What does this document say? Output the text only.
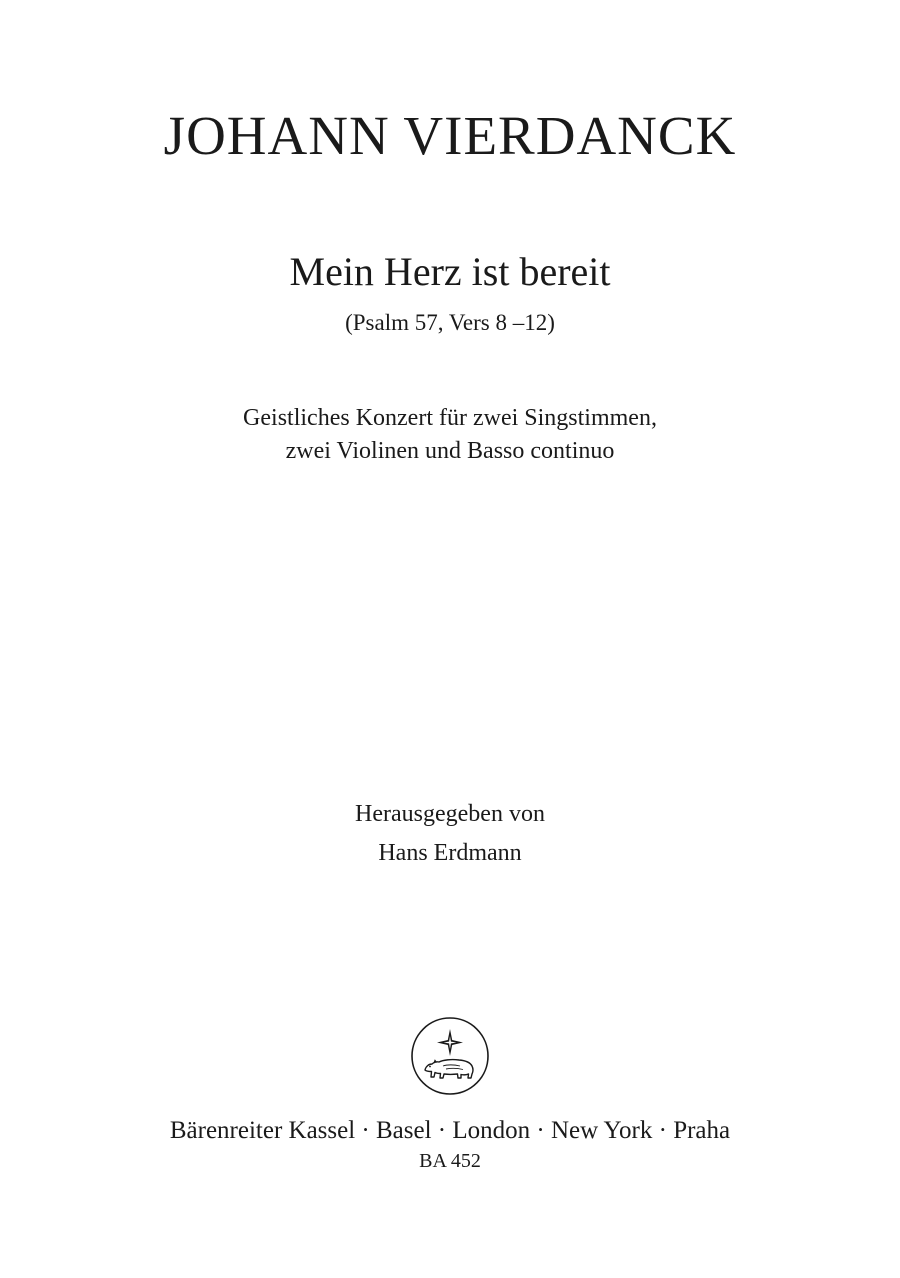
JOHANN VIERDANCK
Mein Herz ist bereit
(Psalm 57, Vers 8 –12)
Geistliches Konzert für zwei Singstimmen,
zwei Violinen und Basso continuo
Herausgegeben von
Hans Erdmann
Bärenreiter Kassel · Basel · London · New York · Praha
BA 452
